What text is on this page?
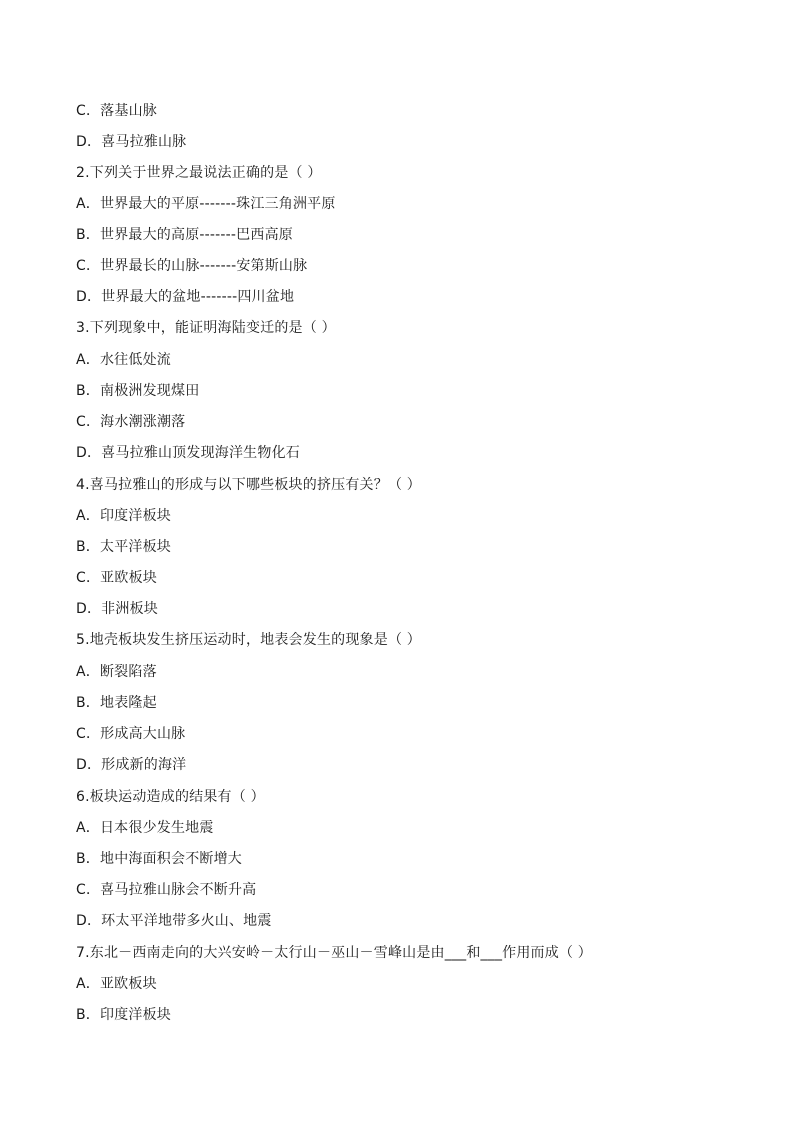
C．落基山脉
D．喜马拉雅山脉
2.下列关于世界之最说法正确的是（ ）
A．世界最大的平原-------珠江三角洲平原
B．世界最大的高原-------巴西高原
C．世界最长的山脉-------安第斯山脉
D．世界最大的盆地-------四川盆地
3.下列现象中，能证明海陆变迁的是（ ）
A．水往低处流
B．南极洲发现煤田
C．海水潮涨潮落
D．喜马拉雅山顶发现海洋生物化石
4.喜马拉雅山的形成与以下哪些板块的挤压有关？（ ）
A．印度洋板块
B．太平洋板块
C．亚欧板块
D．非洲板块
5.地壳板块发生挤压运动时，地表会发生的现象是（ ）
A．断裂陷落
B．地表隆起
C．形成高大山脉
D．形成新的海洋
6.板块运动造成的结果有（ ）
A．日本很少发生地震
B．地中海面积会不断增大
C．喜马拉雅山脉会不断升高
D．环太平洋地带多火山、地震
7.东北－西南走向的大兴安岭－太行山－巫山－雪峰山是由___和___作用而成（ ）
A．亚欧板块
B．印度洋板块
